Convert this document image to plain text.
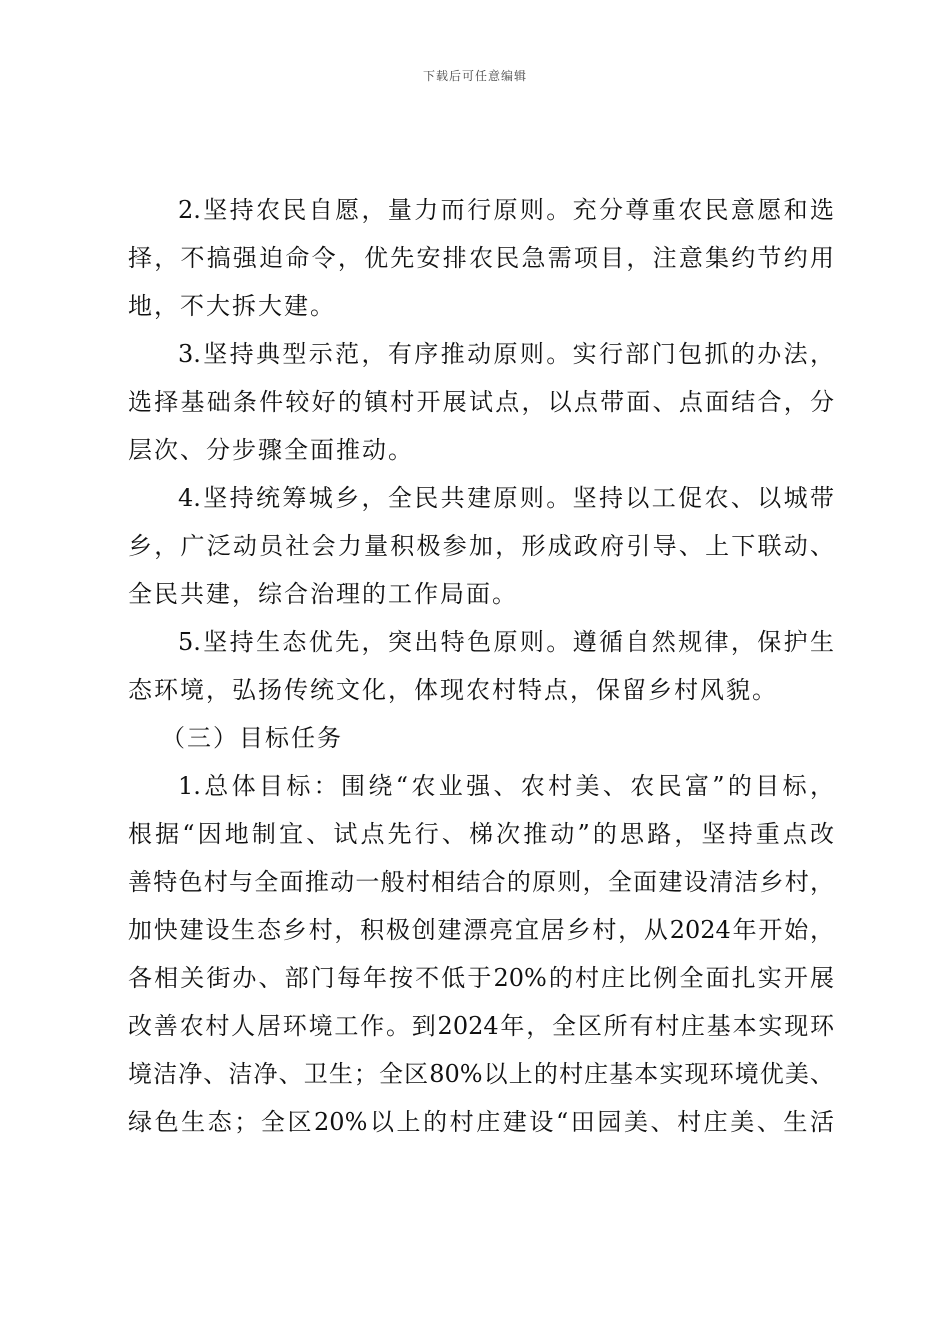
下载后可任意编辑
2.坚持农民自愿，量力而行原则。充分尊重农民意愿和选
择，不搞强迫命令，优先安排农民急需项目，注意集约节约用
地，不大拆大建。
3.坚持典型示范，有序推动原则。实行部门包抓的办法，
选择基础条件较好的镇村开展试点，以点带面、点面结合，分
层次、分步骤全面推动。
4.坚持统筹城乡，全民共建原则。坚持以工促农、以城带
乡，广泛动员社会力量积极参加，形成政府引导、上下联动、
全民共建，综合治理的工作局面。
5.坚持生态优先，突出特色原则。遵循自然规律，保护生
态环境，弘扬传统文化，体现农村特点，保留乡村风貌。
（三）目标任务
1.总体目标：围绕“农业强、农村美、农民富”的目标，
根据“因地制宜、试点先行、梯次推动”的思路，坚持重点改
善特色村与全面推动一般村相结合的原则，全面建设清洁乡村，
加快建设生态乡村，积极创建漂亮宜居乡村，从2024年开始，
各相关街办、部门每年按不低于20%的村庄比例全面扎实开展
改善农村人居环境工作。到2024年，全区所有村庄基本实现环
境洁净、洁净、卫生；全区80%以上的村庄基本实现环境优美、
绿色生态；全区20%以上的村庄建设“田园美、村庄美、生活
